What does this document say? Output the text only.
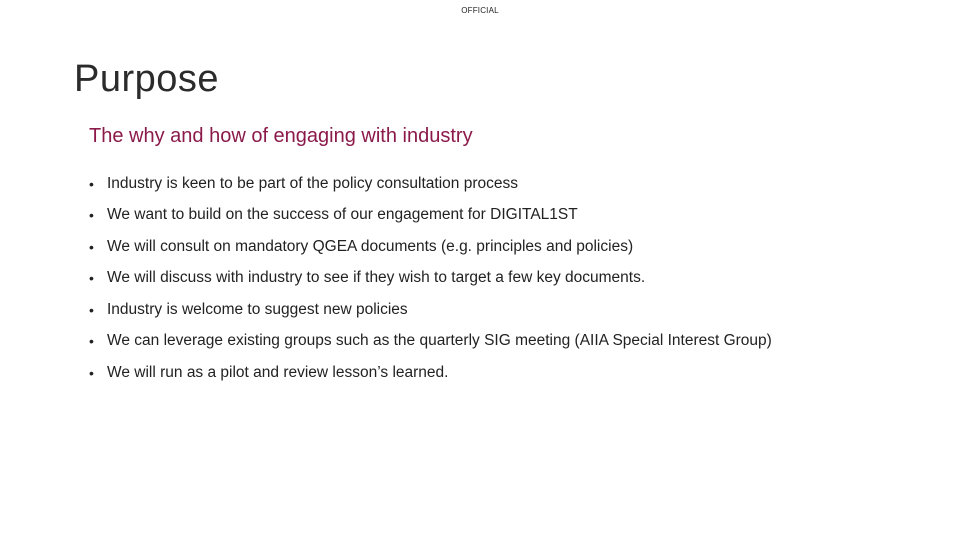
OFFICIAL
Purpose
The why and how of engaging with industry
• Industry is keen to be part of the policy consultation process
• We want to build on the success of our engagement for DIGITAL1ST
• We will consult on mandatory QGEA documents (e.g. principles and policies)
• We will discuss with industry to see if they wish to target a few key documents.
• Industry is welcome to suggest new policies
• We can leverage existing groups such as the quarterly SIG meeting (AIIA Special Interest Group)
• We will run as a pilot and review lesson’s learned.
